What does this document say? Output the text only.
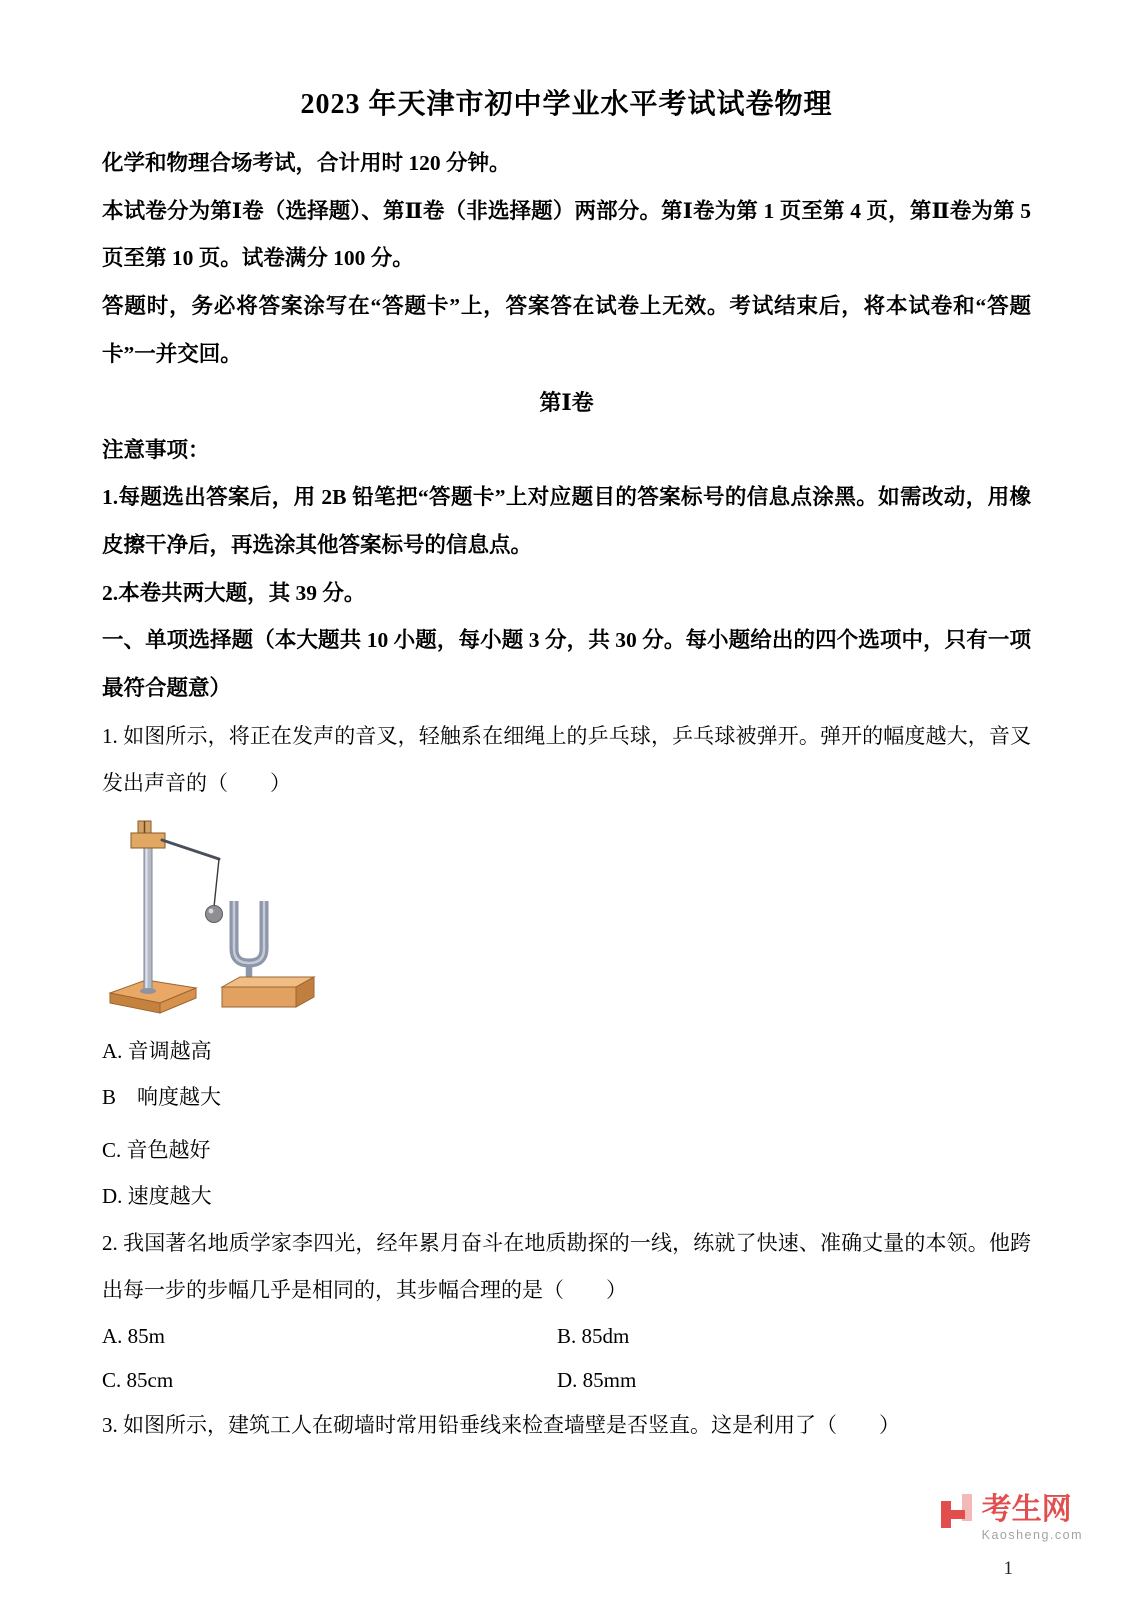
2023 年天津市初中学业水平考试试卷物理

化学和物理合场考试，合计用时 120 分钟。

本试卷分为第Ⅰ卷（选择题）、第Ⅱ卷（非选择题）两部分。第Ⅰ卷为第 1 页至第 4 页，第Ⅱ卷为第 5 页至第 10 页。试卷满分 100 分。

答题时，务必将答案涂写在“答题卡”上，答案答在试卷上无效。考试结束后，将本试卷和“答题卡”一并交回。

第Ⅰ卷

注意事项：

1.每题选出答案后，用 2B 铅笔把“答题卡”上对应题目的答案标号的信息点涂黑。如需改动，用橡皮擦干净后，再选涂其他答案标号的信息点。

2.本卷共两大题，其 39 分。

一、单项选择题（本大题共 10 小题，每小题 3 分，共 30 分。每小题给出的四个选项中，只有一项最符合题意）

1. 如图所示，将正在发声的音叉，轻触系在细绳上的乒乓球，乒乓球被弹开。弹开的幅度越大，音叉发出声音的（　　）

A. 音调越高

B　响度越大

C. 音色越好

D. 速度越大

2. 我国著名地质学家李四光，经年累月奋斗在地质勘探的一线，练就了快速、准确丈量的本领。他跨出每一步的步幅几乎是相同的，其步幅合理的是（　　）

A. 85m	B. 85dm
C. 85cm	D. 85mm

3. 如图所示，建筑工人在砌墙时常用铅垂线来检查墙壁是否竖直。这是利用了（　　）

考生网
Kaosheng.com
1
